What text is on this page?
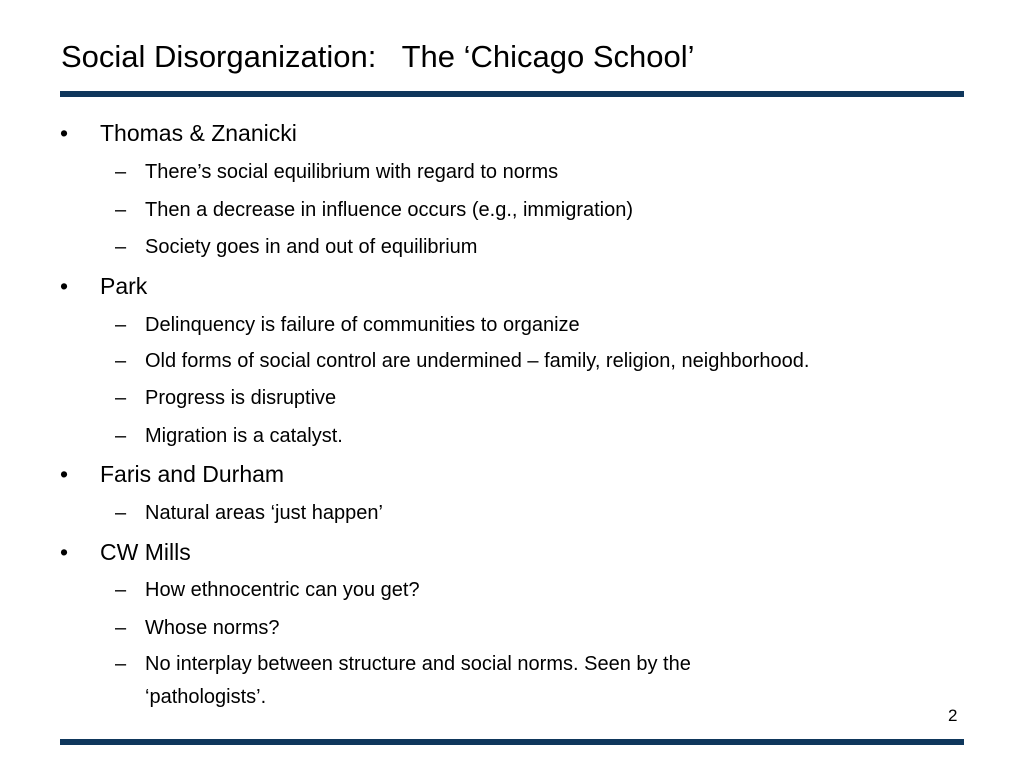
Social Disorganization:   The ‘Chicago School’
• Thomas & Znanicki
– There’s social equilibrium with regard to norms
– Then a decrease in influence occurs (e.g., immigration)
– Society goes in and out of equilibrium
• Park
– Delinquency is failure of communities to organize
– Old forms of social control are undermined – family, religion, neighborhood.
– Progress is disruptive
– Migration is a catalyst.
• Faris and Durham
– Natural areas ‘just happen’
• CW Mills
– How ethnocentric can you get?
– Whose norms?
– No interplay between structure and social norms. Seen by the
‘pathologists’.
2
